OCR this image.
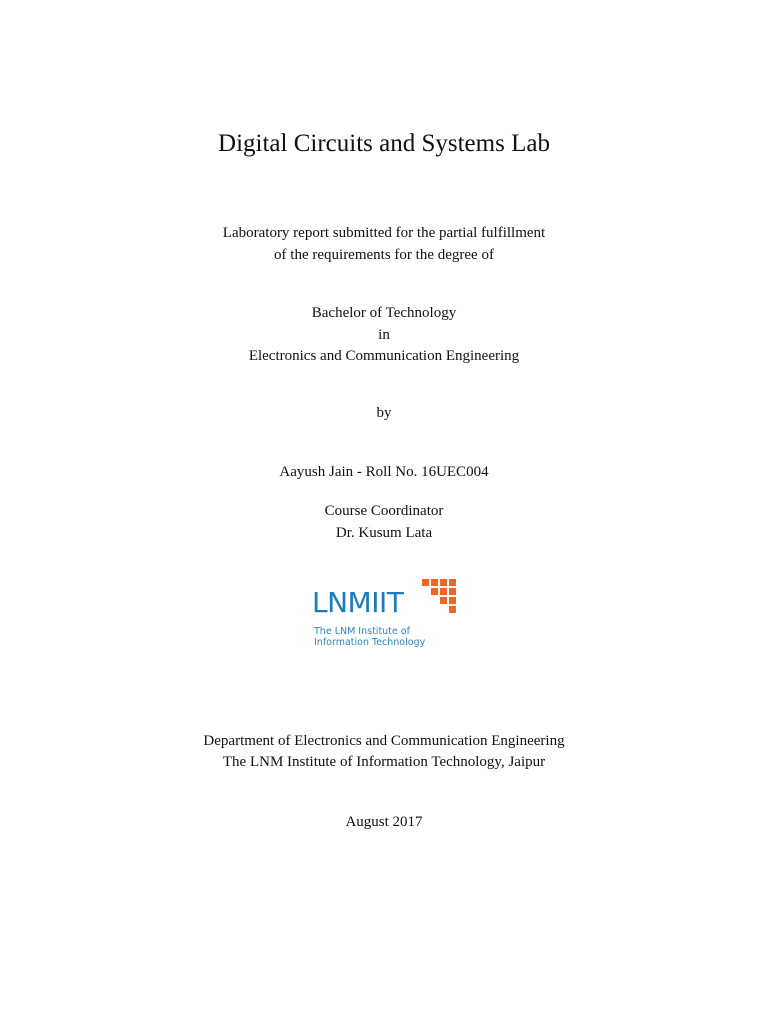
Digital Circuits and Systems Lab
Laboratory report submitted for the partial fulfillment
of the requirements for the degree of
Bachelor of Technology
in
Electronics and Communication Engineering
by
Aayush Jain - Roll No. 16UEC004
Course Coordinator
Dr. Kusum Lata
LNMIIT
The LNM Institute of
Information Technology
Department of Electronics and Communication Engineering
The LNM Institute of Information Technology, Jaipur
August 2017
